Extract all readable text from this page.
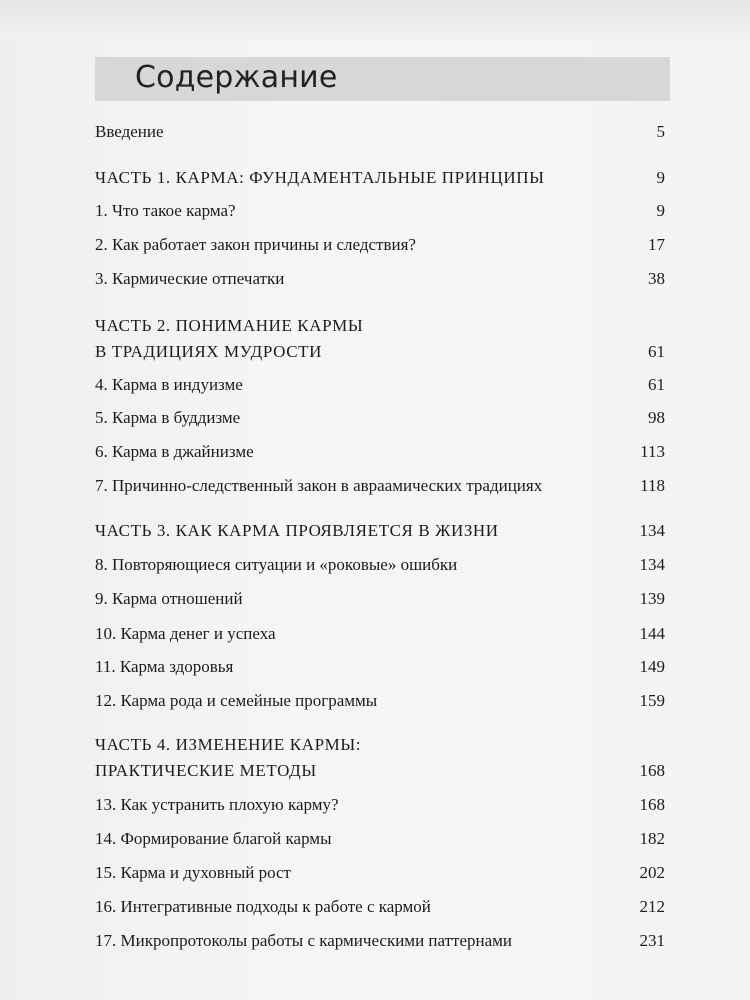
Содержание
Введение	5
ЧАСТЬ 1. КАРМА: ФУНДАМЕНТАЛЬНЫЕ ПРИНЦИПЫ	9
1. Что такое карма?	9
2. Как работает закон причины и следствия?	17
3. Кармические отпечатки	38
ЧАСТЬ 2. ПОНИМАНИЕ КАРМЫ
В ТРАДИЦИЯХ МУДРОСТИ	61
4. Карма в индуизме	61
5. Карма в буддизме	98
6. Карма в джайнизме	113
7. Причинно-следственный закон в авраамических традициях	118
ЧАСТЬ 3. КАК КАРМА ПРОЯВЛЯЕТСЯ В ЖИЗНИ	134
8. Повторяющиеся ситуации и «роковые» ошибки	134
9. Карма отношений	139
10. Карма денег и успеха	144
11. Карма здоровья	149
12. Карма рода и семейные программы	159
ЧАСТЬ 4. ИЗМЕНЕНИЕ КАРМЫ:
ПРАКТИЧЕСКИЕ МЕТОДЫ	168
13. Как устранить плохую карму?	168
14. Формирование благой кармы	182
15. Карма и духовный рост	202
16. Интегративные подходы к работе с кармой	212
17. Микропротоколы работы с кармическими паттернами	231
